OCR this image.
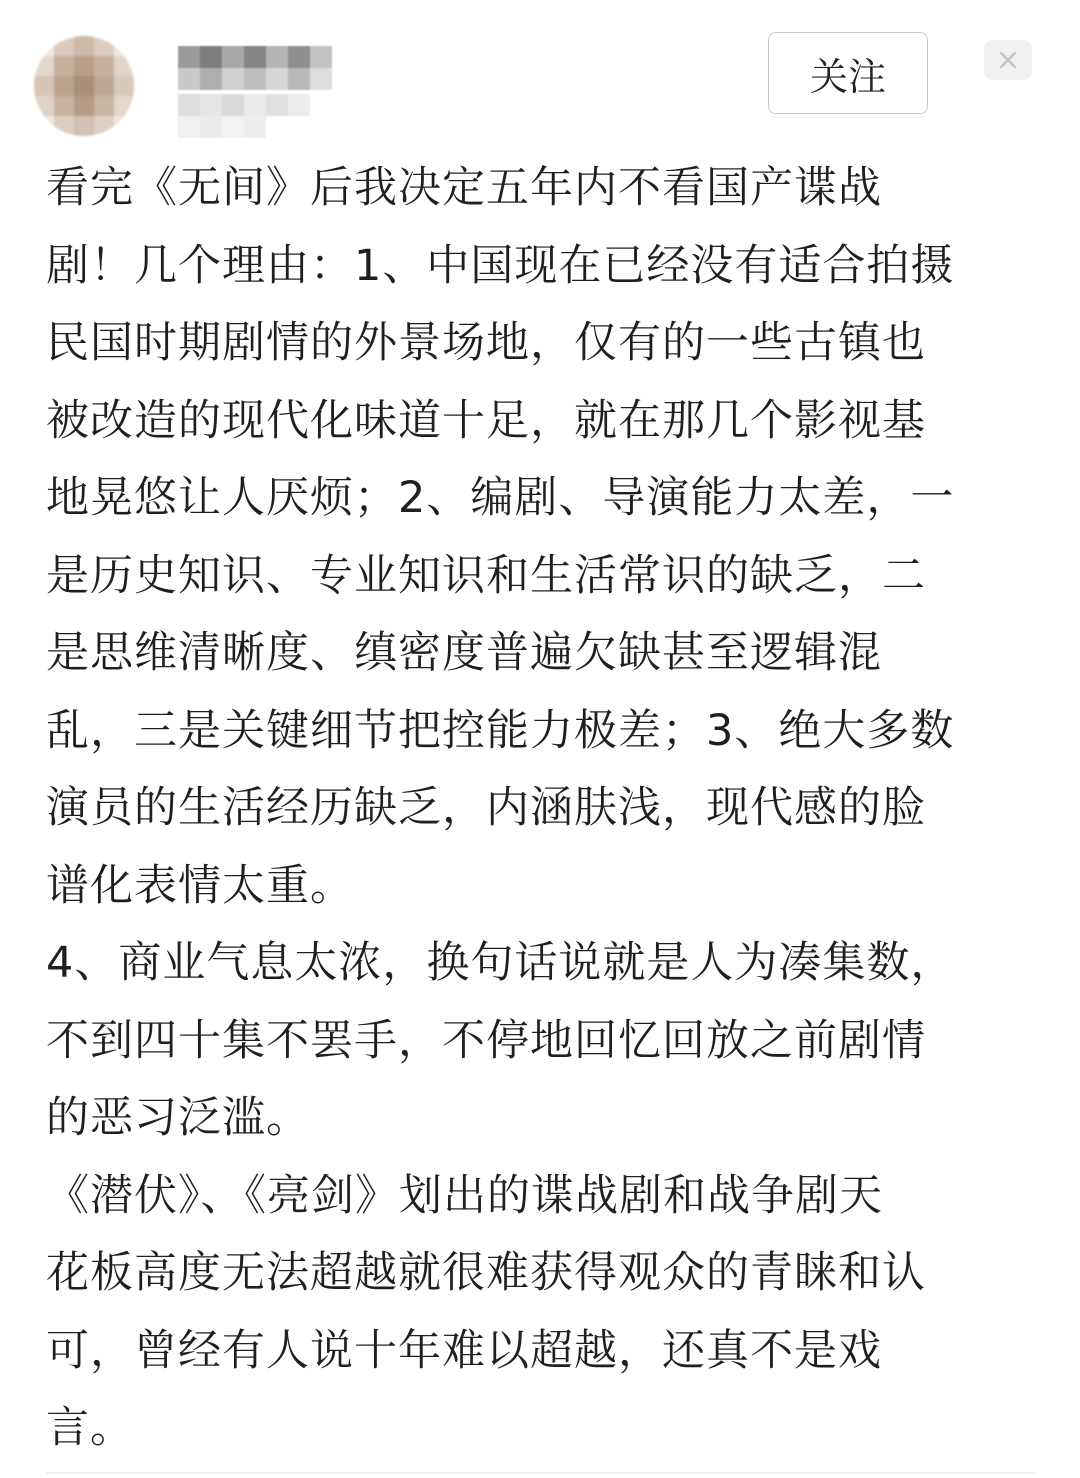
关注

看完《无间》后我决定五年内不看国产谍战
剧！几个理由：1、中国现在已经没有适合拍摄
民国时期剧情的外景场地，仅有的一些古镇也
被改造的现代化味道十足，就在那几个影视基
地晃悠让人厌烦；2、编剧、导演能力太差，一
是历史知识、专业知识和生活常识的缺乏，二
是思维清晰度、缜密度普遍欠缺甚至逻辑混
乱，三是关键细节把控能力极差；3、绝大多数
演员的生活经历缺乏，内涵肤浅，现代感的脸
谱化表情太重。

4、商业气息太浓，换句话说就是人为凑集数，
不到四十集不罢手，不停地回忆回放之前剧情
的恶习泛滥。

《潜伏》、《亮剑》划出的谍战剧和战争剧天
花板高度无法超越就很难获得观众的青睐和认
可，曾经有人说十年难以超越，还真不是戏
言。
